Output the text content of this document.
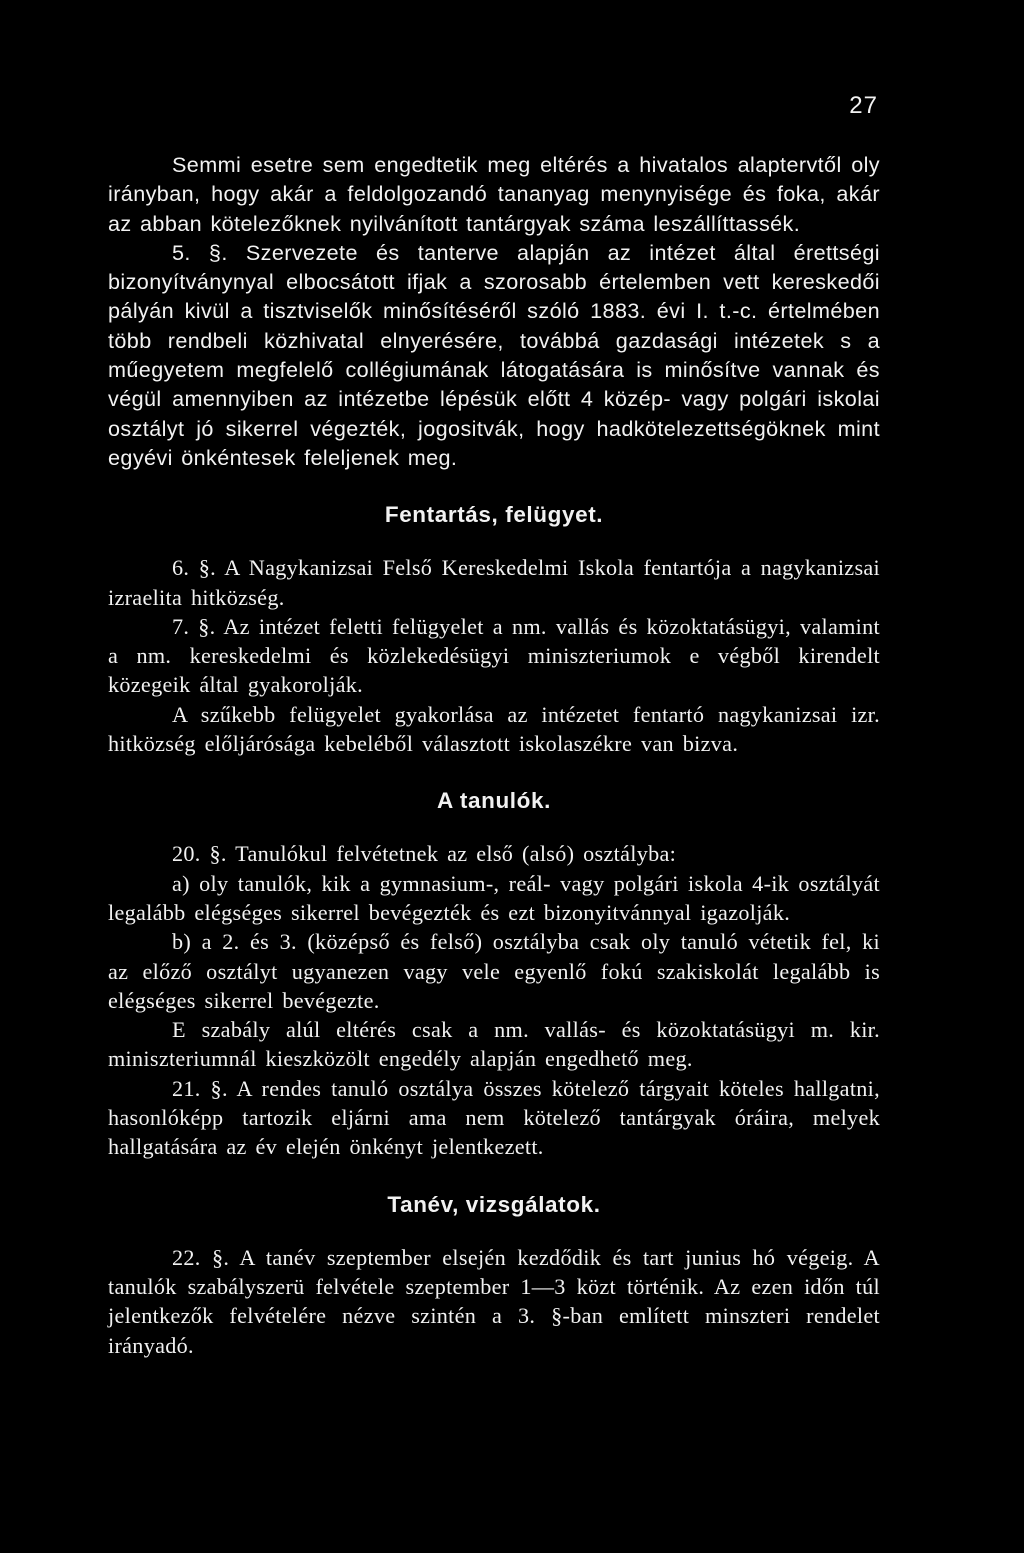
27

Semmi esetre sem engedtetik meg eltérés a hivatalos alaptervtől oly irányban, hogy akár a feldolgozandó tananyag menynyisége és foka, akár az abban kötelezőknek nyilvánított tantárgyak száma leszállíttassék.

5. §. Szervezete és tanterve alapján az intézet által érettségi bizonyítványnyal elbocsátott ifjak a szorosabb értelemben vett kereskedői pályán kivül a tisztviselők minősítéséről szóló 1883. évi I. t.-c. értelmében több rendbeli közhivatal elnyerésére, továbbá gazdasági intézetek s a műegyetem megfelelő collégiumának látogatására is minősítve vannak és végül amennyiben az intézetbe lépésük előtt 4 közép- vagy polgári iskolai osztályt jó sikerrel végezték, jogositvák, hogy hadkötelezettségöknek mint egyévi önkéntesek feleljenek meg.

Fentartás, felügyet.

6. §. A Nagykanizsai Felső Kereskedelmi Iskola fentartója a nagykanizsai izraelita hitközség.

7. §. Az intézet feletti felügyelet a nm. vallás és közoktatásügyi, valamint a nm. kereskedelmi és közlekedésügyi miniszteriumok e végből kirendelt közegeik által gyakorolják.

A szűkebb felügyelet gyakorlása az intézetet fentartó nagykanizsai izr. hitközség előljárósága kebeléből választott iskolaszékre van bizva.

A tanulók.

20. §. Tanulókul felvétetnek az első (alsó) osztályba:

a) oly tanulók, kik a gymnasium-, reál- vagy polgári iskola 4-ik osztályát legalább elégséges sikerrel bevégezték és ezt bizonyitvánnyal igazolják.

b) a 2. és 3. (középső és felső) osztályba csak oly tanuló vétetik fel, ki az előző osztályt ugyanezen vagy vele egyenlő fokú szakiskolát legalább is elégséges sikerrel bevégezte.

E szabály alúl eltérés csak a nm. vallás- és közoktatásügyi m. kir. miniszteriumnál kieszközölt engedély alapján engedhető meg.

21. §. A rendes tanuló osztálya összes kötelező tárgyait köteles hallgatni, hasonlóképp tartozik eljárni ama nem kötelező tantárgyak óráira, melyek hallgatására az év elején önkényt jelentkezett.

Tanév, vizsgálatok.

22. §. A tanév szeptember elsején kezdődik és tart junius hó végeig. A tanulók szabályszerü felvétele szeptember 1—3 közt történik. Az ezen időn túl jelentkezők felvételére nézve szintén a 3. §-ban említett minszteri rendelet irányadó.
